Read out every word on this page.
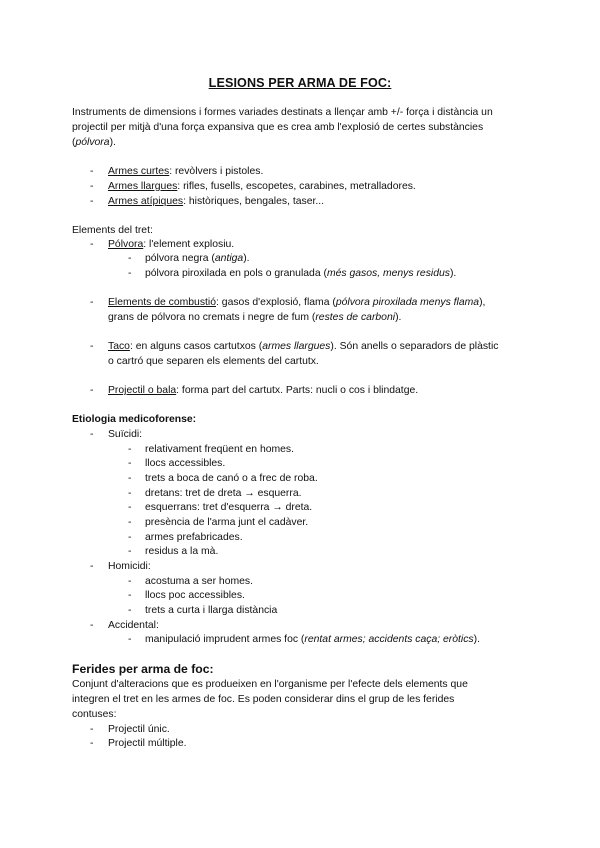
LESIONS PER ARMA DE FOC:
Instruments de dimensions i formes variades destinats a llençar amb +/- força i distància un
projectil per mitjà d'una força expansiva que es crea amb l'explosió de certes substàncies
(pólvora).
- Armes curtes: revòlvers i pistoles.
- Armes llargues: rifles, fusells, escopetes, carabines, metralladores.
- Armes atípiques: històriques, bengales, taser...
Elements del tret:
- Pólvora: l'element explosiu.
- pólvora negra (antiga).
- pólvora piroxilada en pols o granulada (més gasos, menys residus).
- Elements de combustió: gasos d'explosió, flama (pólvora piroxilada menys flama),
grans de pólvora no cremats i negre de fum (restes de carboni).
- Taco: en alguns casos cartutxos (armes llargues). Són anells o separadors de plàstic
o cartró que separen els elements del cartutx.
- Projectil o bala: forma part del cartutx. Parts: nucli o cos i blindatge.
Etiologia medicoforense:
- Suïcidi:
- relativament freqüent en homes.
- llocs accessibles.
- trets a boca de canó o a frec de roba.
- dretans: tret de dreta → esquerra.
- esquerrans: tret d'esquerra → dreta.
- presència de l'arma junt el cadàver.
- armes prefabricades.
- residus a la mà.
- Homicidi:
- acostuma a ser homes.
- llocs poc accessibles.
- trets a curta i llarga distància
- Accidental:
- manipulació imprudent armes foc (rentat armes; accidents caça; eròtics).
Ferides per arma de foc:
Conjunt d'alteracions que es produeixen en l'organisme per l'efecte dels elements que
integren el tret en les armes de foc. Es poden considerar dins el grup de les ferides
contuses:
- Projectil únic.
- Projectil múltiple.
